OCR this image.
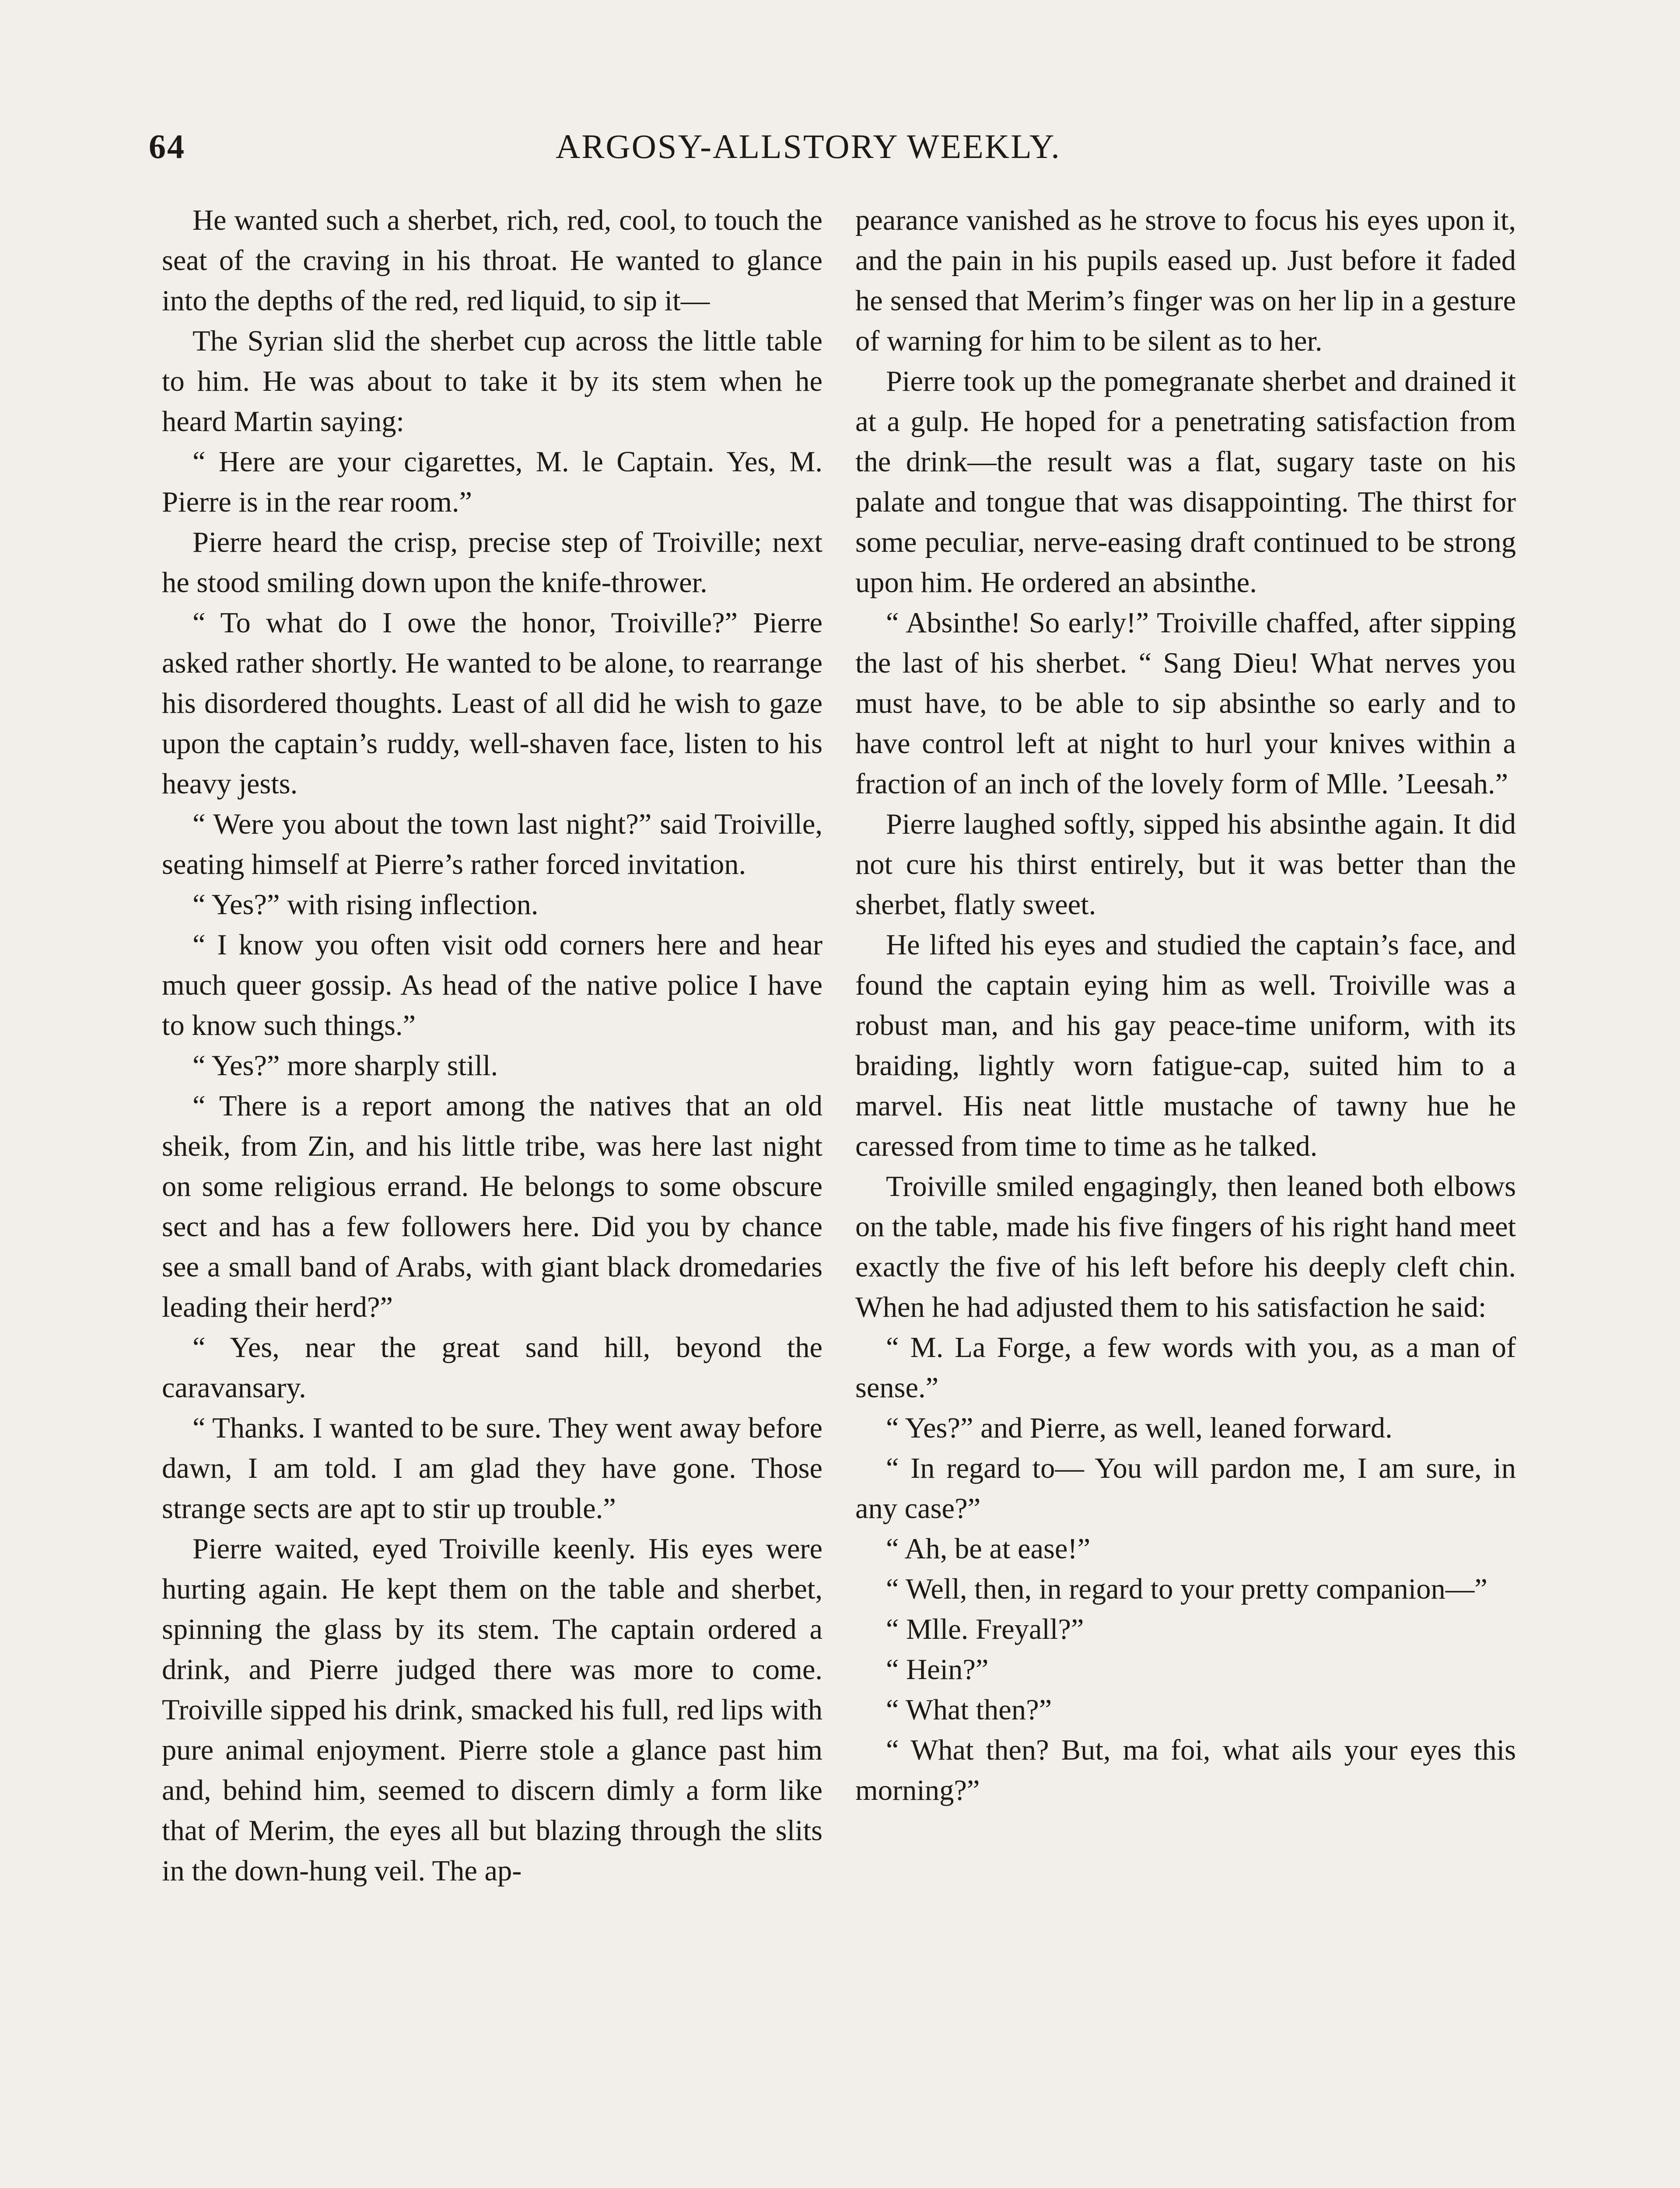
64	ARGOSY-ALLSTORY WEEKLY.

He wanted such a sherbet, rich, red, cool, to touch the seat of the craving in his throat. He wanted to glance into the depths of the red, red liquid, to sip it—

The Syrian slid the sherbet cup across the little table to him. He was about to take it by its stem when he heard Martin saying:

“ Here are your cigarettes, M. le Captain. Yes, M. Pierre is in the rear room.”

Pierre heard the crisp, precise step of Troiville; next he stood smiling down upon the knife-thrower.

“ To what do I owe the honor, Troiville?” Pierre asked rather shortly. He wanted to be alone, to rearrange his disordered thoughts. Least of all did he wish to gaze upon the captain’s ruddy, well-shaven face, listen to his heavy jests.

“ Were you about the town last night?” said Troiville, seating himself at Pierre’s rather forced invitation.

“ Yes?” with rising inflection.

“ I know you often visit odd corners here and hear much queer gossip. As head of the native police I have to know such things.”

“ Yes?” more sharply still.

“ There is a report among the natives that an old sheik, from Zin, and his little tribe, was here last night on some religious errand. He belongs to some obscure sect and has a few followers here. Did you by chance see a small band of Arabs, with giant black dromedaries leading their herd?”

“ Yes, near the great sand hill, beyond the caravansary.

“ Thanks. I wanted to be sure. They went away before dawn, I am told. I am glad they have gone. Those strange sects are apt to stir up trouble.”

Pierre waited, eyed Troiville keenly. His eyes were hurting again. He kept them on the table and sherbet, spinning the glass by its stem. The captain ordered a drink, and Pierre judged there was more to come. Troiville sipped his drink, smacked his full, red lips with pure animal enjoyment. Pierre stole a glance past him and, behind him, seemed to discern dimly a form like that of Merim, the eyes all but blazing through the slits in the down-hung veil. The ap-

pearance vanished as he strove to focus his eyes upon it, and the pain in his pupils eased up. Just before it faded he sensed that Merim’s finger was on her lip in a gesture of warning for him to be silent as to her.

Pierre took up the pomegranate sherbet and drained it at a gulp. He hoped for a penetrating satisfaction from the drink—the result was a flat, sugary taste on his palate and tongue that was disappointing. The thirst for some peculiar, nerve-easing draft continued to be strong upon him. He ordered an absinthe.

“ Absinthe! So early!” Troiville chaffed, after sipping the last of his sherbet. “ Sang Dieu! What nerves you must have, to be able to sip absinthe so early and to have control left at night to hurl your knives within a fraction of an inch of the lovely form of Mlle. ’Leesah.”

Pierre laughed softly, sipped his absinthe again. It did not cure his thirst entirely, but it was better than the sherbet, flatly sweet.

He lifted his eyes and studied the captain’s face, and found the captain eying him as well. Troiville was a robust man, and his gay peace-time uniform, with its braiding, lightly worn fatigue-cap, suited him to a marvel. His neat little mustache of tawny hue he caressed from time to time as he talked.

Troiville smiled engagingly, then leaned both elbows on the table, made his five fingers of his right hand meet exactly the five of his left before his deeply cleft chin. When he had adjusted them to his satisfaction he said:

“ M. La Forge, a few words with you, as a man of sense.”

“ Yes?” and Pierre, as well, leaned forward.

“ In regard to— You will pardon me, I am sure, in any case?”

“ Ah, be at ease!”

“ Well, then, in regard to your pretty companion—”

“ Mlle. Freyall?”

“ Hein?”

“ What then?”

“ What then? But, ma foi, what ails your eyes this morning?”
